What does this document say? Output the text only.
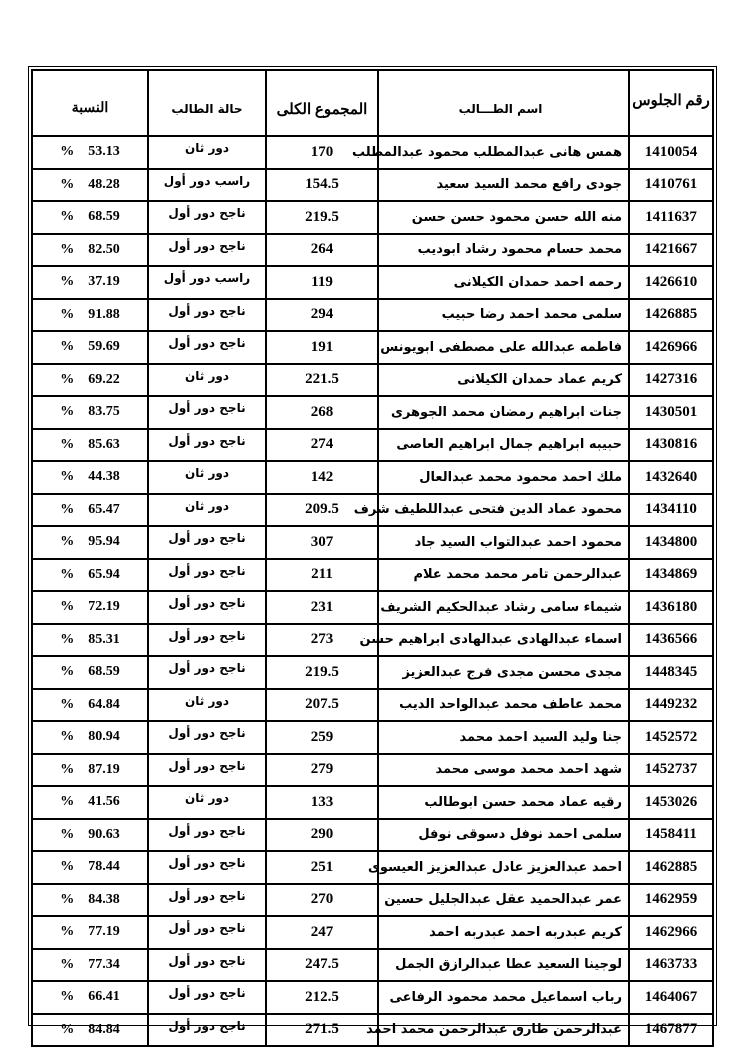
رقم الجلوس	اسم الطـــالب	المجموع الكلى	حالة الطالب	النسبة
1410054	همس هانى عبدالمطلب محمود عبدالمطلب	170	دور ثان	% 53.13

1410761	جودى رافع محمد السيد سعيد	154.5	راسب دور أول	% 48.28

1411637	منه الله حسن محمود حسن حسن	219.5	ناجح دور أول	% 68.59

1421667	محمد حسام محمود رشاد ابوديب	264	ناجح دور أول	% 82.50

1426610	رحمه احمد حمدان الكيلانى	119	راسب دور أول	% 37.19

1426885	سلمى محمد احمد رضا حبيب	294	ناجح دور أول	% 91.88

1426966	فاطمه عبدالله على مصطفى ابويونس	191	ناجح دور أول	% 59.69

1427316	كريم عماد حمدان الكيلانى	221.5	دور ثان	% 69.22

1430501	جنات ابراهيم رمضان محمد الجوهرى	268	ناجح دور أول	% 83.75

1430816	حبيبه ابراهيم جمال ابراهيم العاصى	274	ناجح دور أول	% 85.63

1432640	ملك احمد محمود محمد عبدالعال	142	دور ثان	% 44.38

1434110	محمود عماد الدين فتحى عبداللطيف شرف	209.5	دور ثان	% 65.47

1434800	محمود احمد عبدالتواب السيد جاد	307	ناجح دور أول	% 95.94

1434869	عبدالرحمن تامر محمد محمد علام	211	ناجح دور أول	% 65.94

1436180	شيماء سامى رشاد عبدالحكيم الشريف	231	ناجح دور أول	% 72.19

1436566	اسماء عبدالهادى عبدالهادى ابراهيم حسن	273	ناجح دور أول	% 85.31

1448345	مجدى محسن مجدى فرج عبدالعزيز	219.5	ناجح دور أول	% 68.59

1449232	محمد عاطف محمد عبدالواحد الديب	207.5	دور ثان	% 64.84

1452572	جنا وليد السيد احمد محمد	259	ناجح دور أول	% 80.94

1452737	شهد احمد محمد موسى محمد	279	ناجح دور أول	% 87.19

1453026	رقيه عماد محمد حسن ابوطالب	133	دور ثان	% 41.56

1458411	سلمى احمد نوفل دسوقى نوفل	290	ناجح دور أول	% 90.63

1462885	احمد عبدالعزيز عادل عبدالعزيز العيسوى	251	ناجح دور أول	% 78.44

1462959	عمر عبدالحميد عقل عبدالجليل حسين	270	ناجح دور أول	% 84.38

1462966	كريم عبدربه احمد عبدربه احمد	247	ناجح دور أول	% 77.19

1463733	لوجينا السعيد عطا عبدالرازق الجمل	247.5	ناجح دور أول	% 77.34

1464067	رباب اسماعيل محمد محمود الرفاعى	212.5	ناجح دور أول	% 66.41

1467877	عبدالرحمن طارق عبدالرحمن محمد احمد	271.5	ناجح دور أول	% 84.84
